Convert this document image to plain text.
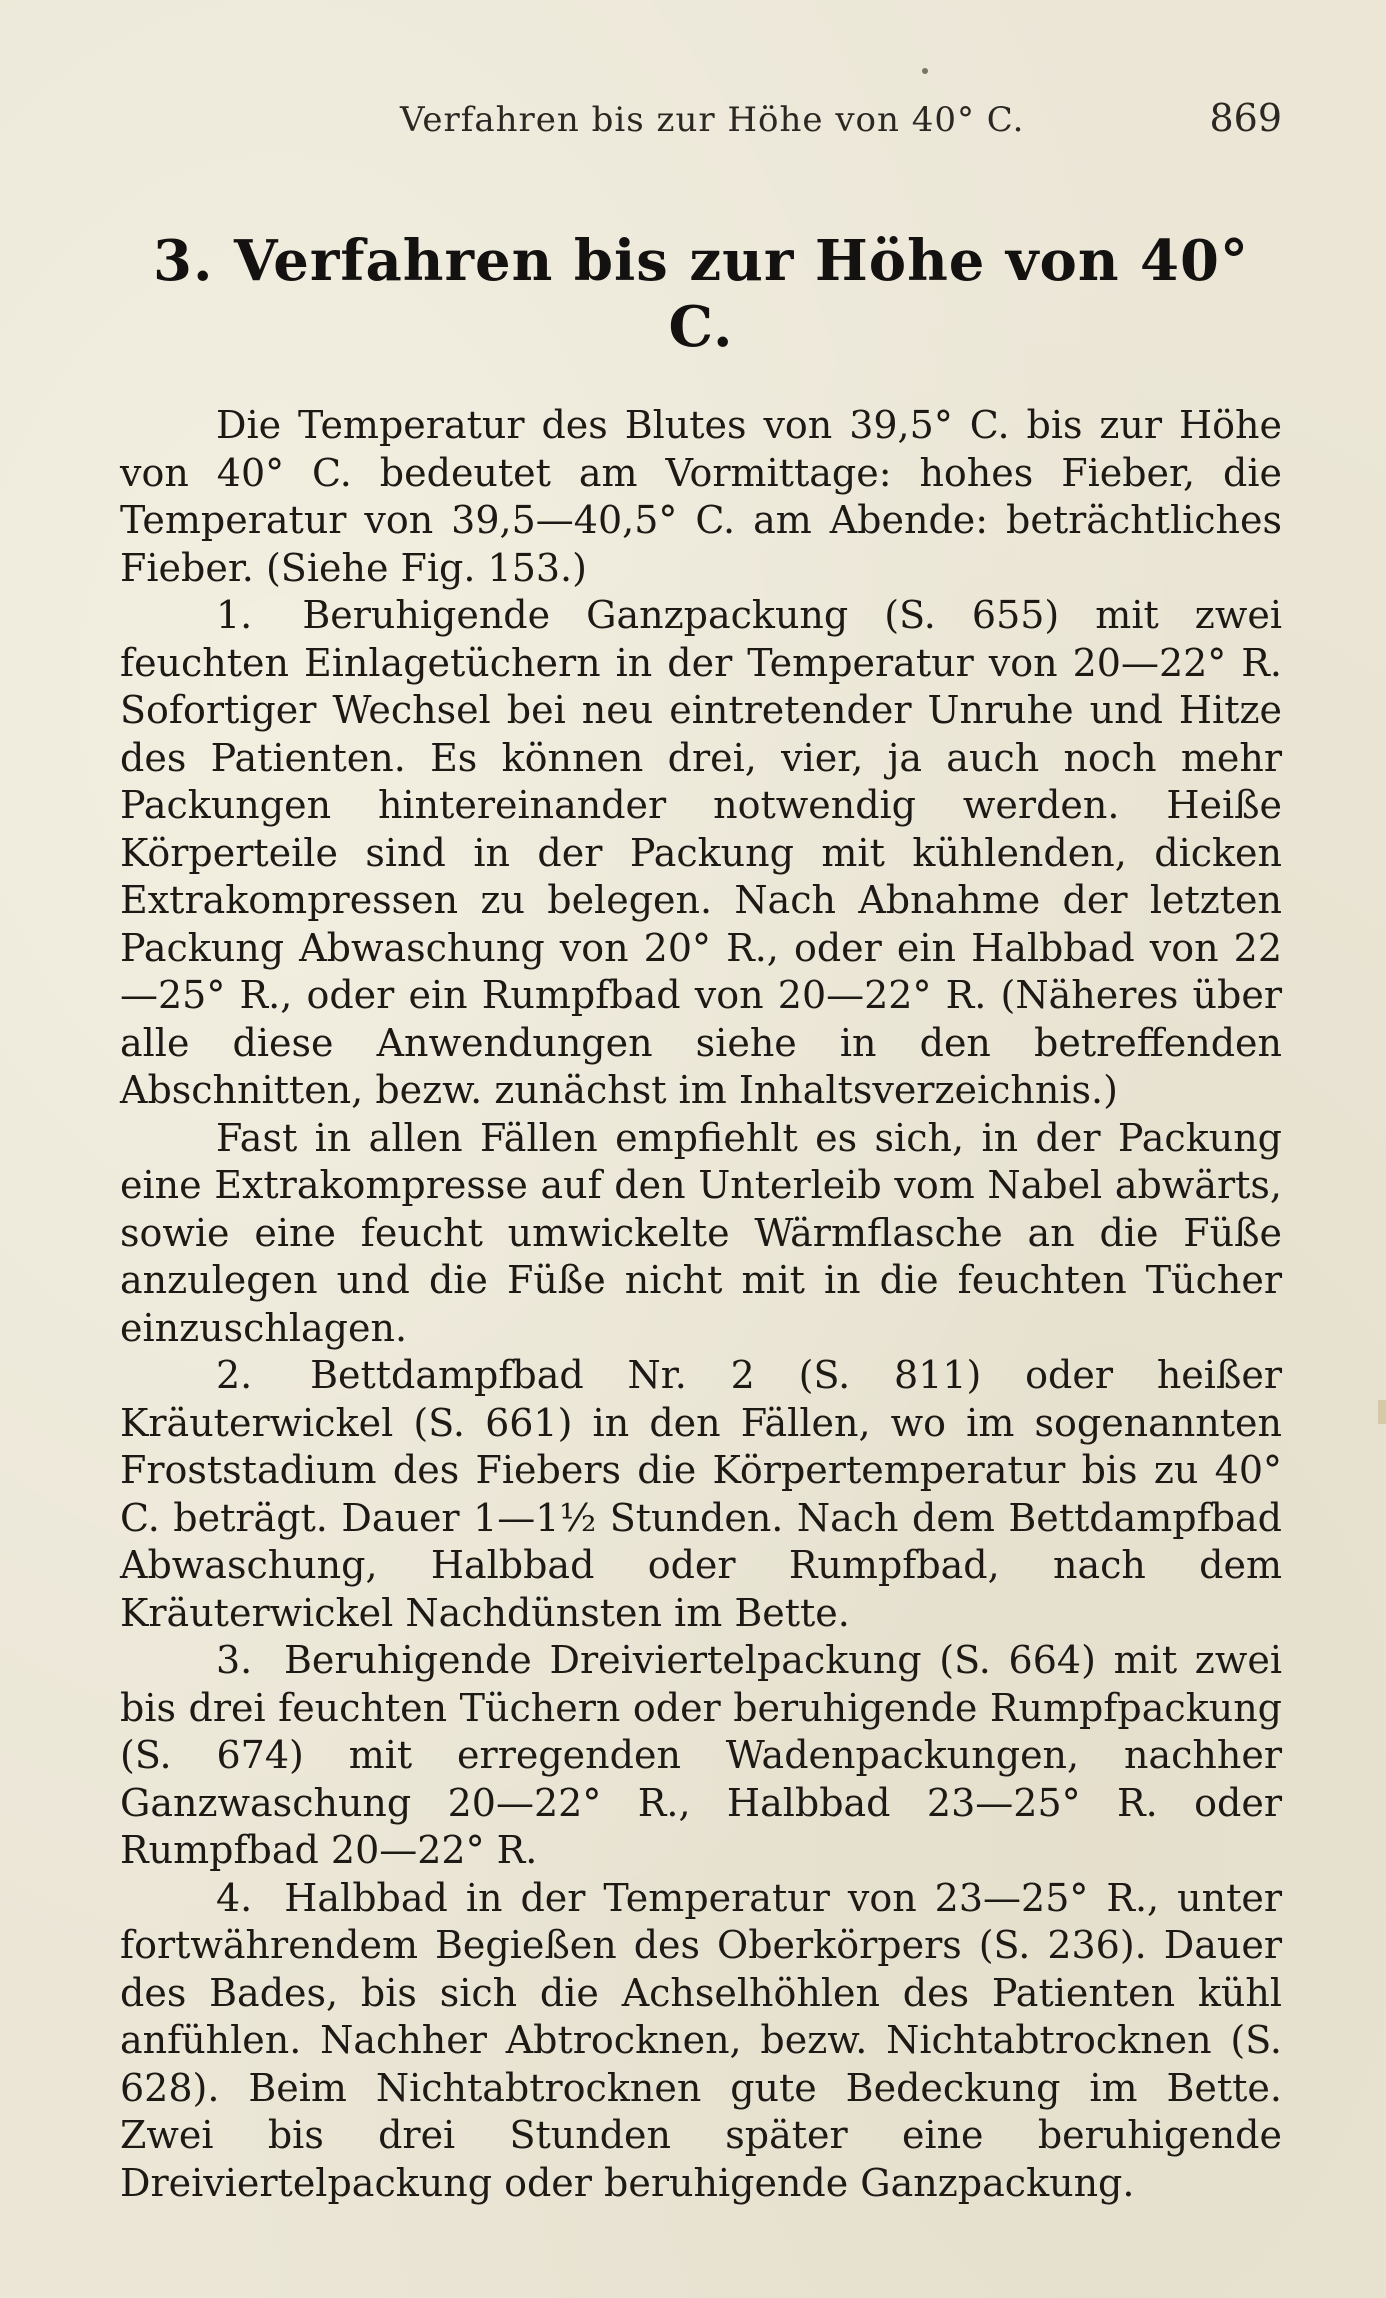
Verfahren bis zur Höhe von 40° C.	869
3. Verfahren bis zur Höhe von 40° C.

Die Temperatur des Blutes von 39,5° C. bis zur Höhe von 40° C. bedeutet am Vormittage: hohes Fieber, die Temperatur von 39,5—40,5° C. am Abende: beträchtliches Fieber. (Siehe Fig. 153.)

1. Beruhigende Ganzpackung (S. 655) mit zwei feuchten Einlagetüchern in der Temperatur von 20—22° R. Sofortiger Wechsel bei neu eintretender Unruhe und Hitze des Patienten. Es können drei, vier, ja auch noch mehr Packungen hintereinander notwendig werden. Heiße Körperteile sind in der Packung mit kühlenden, dicken Extrakompressen zu belegen. Nach Abnahme der letzten Packung Abwaschung von 20° R., oder ein Halbbad von 22—25° R., oder ein Rumpfbad von 20—22° R. (Näheres über alle diese Anwendungen siehe in den betreffenden Abschnitten, bezw. zunächst im Inhaltsverzeichnis.)

Fast in allen Fällen empfiehlt es sich, in der Packung eine Extrakompresse auf den Unterleib vom Nabel abwärts, sowie eine feucht umwickelte Wärmflasche an die Füße anzulegen und die Füße nicht mit in die feuchten Tücher einzuschlagen.

2. Bettdampfbad Nr. 2 (S. 811) oder heißer Kräuterwickel (S. 661) in den Fällen, wo im sogenannten Froststadium des Fiebers die Körpertemperatur bis zu 40° C. beträgt. Dauer 1—1½ Stunden. Nach dem Bettdampfbad Abwaschung, Halbbad oder Rumpfbad, nach dem Kräuterwickel Nachdünsten im Bette.

3. Beruhigende Dreiviertelpackung (S. 664) mit zwei bis drei feuchten Tüchern oder beruhigende Rumpfpackung (S. 674) mit erregenden Wadenpackungen, nachher Ganzwaschung 20—22° R., Halbbad 23—25° R. oder Rumpfbad 20—22° R.

4. Halbbad in der Temperatur von 23—25° R., unter fortwährendem Begießen des Oberkörpers (S. 236). Dauer des Bades, bis sich die Achselhöhlen des Patienten kühl anfühlen. Nachher Abtrocknen, bezw. Nichtabtrocknen (S. 628). Beim Nichtabtrocknen gute Bedeckung im Bette. Zwei bis drei Stunden später eine beruhigende Dreiviertelpackung oder beruhigende Ganzpackung.
